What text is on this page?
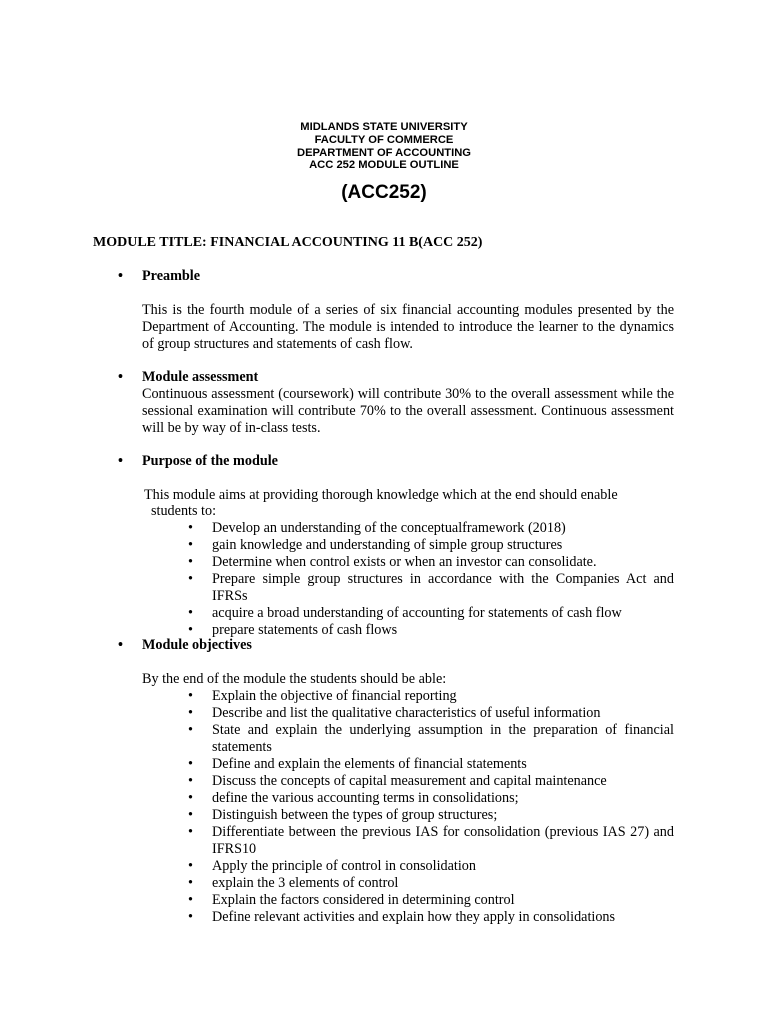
MIDLANDS STATE UNIVERSITY
FACULTY OF COMMERCE
DEPARTMENT OF ACCOUNTING
ACC 252 MODULE OUTLINE
(ACC252)
MODULE TITLE: FINANCIAL ACCOUNTING 11 B(ACC 252)
• Preamble
This is the fourth module of a series of six financial accounting modules presented by the Department of Accounting. The module is intended to introduce the learner to the dynamics of group structures and statements of cash flow.
• Module assessment
Continuous assessment (coursework) will contribute 30% to the overall assessment while the sessional examination will contribute 70% to the overall assessment. Continuous assessment will be by way of in-class tests.
• Purpose of the module
This module aims at providing thorough knowledge which at the end should enable
students to:
• Develop an understanding of the conceptualframework (2018)
• gain knowledge and understanding of simple group structures
• Determine when control exists or when an investor can consolidate.
• Prepare simple group structures in accordance with the Companies Act and IFRSs
• acquire a broad understanding of accounting for statements of cash flow
• prepare statements of cash flows
• Module objectives
By the end of the module the students should be able:
• Explain the objective of financial reporting
• Describe and list the qualitative characteristics of useful information
• State and explain the underlying assumption in the preparation of financial statements
• Define and explain the elements of financial statements
• Discuss the concepts of capital measurement and capital maintenance
• define the various accounting terms in consolidations;
• Distinguish between the types of group structures;
• Differentiate between the previous IAS for consolidation (previous IAS 27) and IFRS10
• Apply the principle of control in consolidation
• explain the 3 elements of control
• Explain the factors considered in determining control
• Define relevant activities and explain how they apply in consolidations
